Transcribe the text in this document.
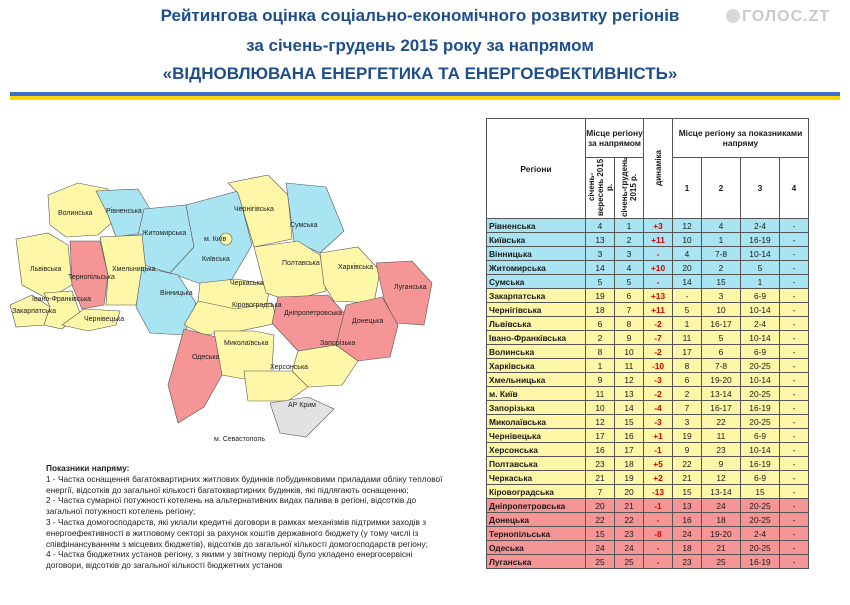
Рейтингова оцінка соціально-економічного розвитку регіонів
за січень-грудень 2015 року за напрямом
«ВІДНОВЛЮВАНА ЕНЕРГЕТИКА ТА ЕНЕРГОЕФЕКТИВНІСТЬ»
ГОЛОС.ZT
Волинська Рівненська
Житомирська
Чернігівська
Сумська
м. Київ
Київська
Львівська
Тернопільська
Хмельницька
Вінницька
Полтавська
Харківська
Луганська
Черкаська
Кіровоградська
Дніпропетровська
Донецька
Закарпатська
Івано-Франківська
Чернівецька
Миколаївська
Одеська
Запорізька
Херсонська
АР Крим
м. Севастополь
Показники напряму:
1 - Частка оснащення багатоквартирних житлових будинків побудинковими приладами обліку теплової енергії, відсотків до загальної кількості багатоквартирних будинків, які підлягають оснащенню;
2 - Частка сумарної потужності котелень на альтернативних видах палива в регіоні, відсотків до загальної потужності котелень регіону;
3 - Частка домогосподарств, які уклали кредитні договори в рамках механізмів підтримки заходів з енергоефективності в житловому секторі за рахунок коштів державного бюджету (у тому числі із співфінансуванням з місцевих бюджетів), відсотків до загальної кількості домогосподарств регіону;
4 - Частка бюджетних установ регіону, з якими у звітному періоді було укладено енергосервісні договори, відсотків до загальної кількості бюджетних установ
Регіони	Місце регіону за напрямом		динаміка	Місце регіону за показниками напряму			
	січень-вересень 2015 р.	січень-грудень 2015 р.		1	2	3	4
Рівненська	4	1	+3	12	4	2-4	-
Київська	13	2	+11	10	1	16-19	-
Вінницька	3	3	-	4	7-8	10-14	-
Житомирська	14	4	+10	20	2	5	-
Сумська	5	5	-	14	15	1	-
Закарпатська	19	6	+13	-	3	6-9	-
Чернігівська	18	7	+11	5	10	10-14	-
Львівська	6	8	-2	1	16-17	2-4	-
Івано-Франківська	2	9	-7	11	5	10-14	-
Волинська	8	10	-2	17	6	6-9	-
Харківська	1	11	-10	8	7-8	20-25	-
Хмельницька	9	12	-3	6	19-20	10-14	-
м. Київ	11	13	-2	2	13-14	20-25	-
Запорізька	10	14	-4	7	16-17	16-19	-
Миколаївська	12	15	-3	3	22	20-25	-
Чернівецька	17	16	+1	19	11	6-9	-
Херсонська	16	17	-1	9	23	10-14	-
Полтавська	23	18	+5	22	9	16-19	-
Черкаська	21	19	+2	21	12	6-9	-
Кіровоградська	7	20	-13	15	13-14	15	-
Дніпропетровська	20	21	-1	13	24	20-25	-
Донецька	22	22	-	16	18	20-25	-
Тернопільська	15	23	-8	24	19-20	2-4	-
Одеська	24	24	-	18	21	20-25	-
Луганська	25	25	-	23	25	16-19	-
